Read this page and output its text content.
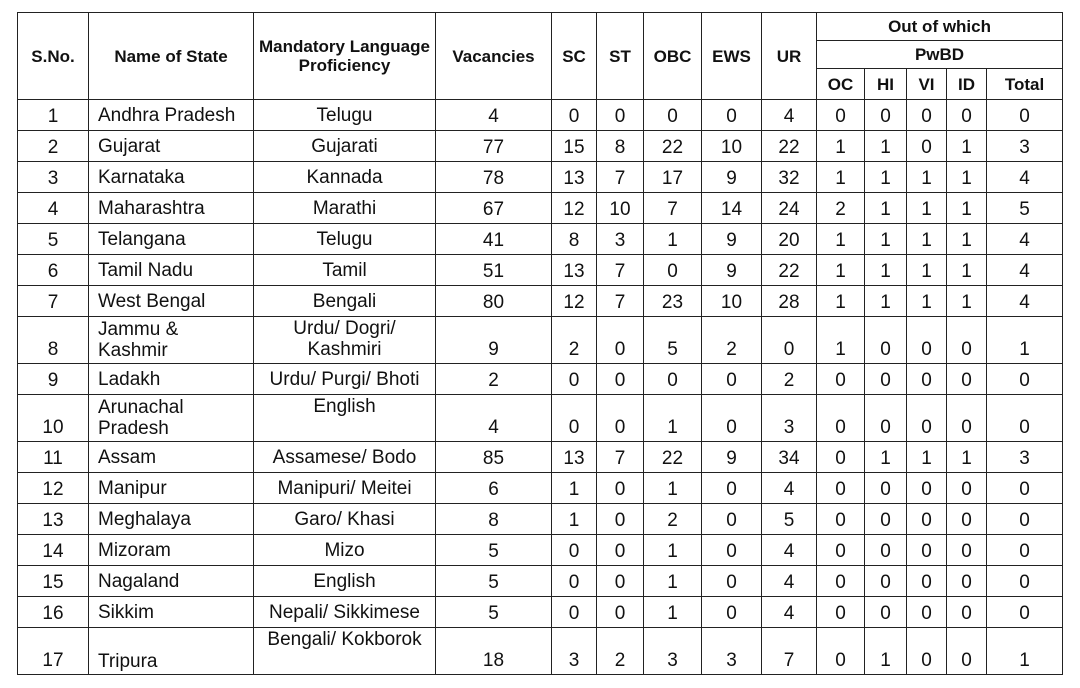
S.No.	Name of State	Mandatory Language Proficiency	Vacancies	SC	ST	OBC	EWS	UR	Out of which				
									PwBD				
									OC	HI	VI	ID	Total
1	Andhra Pradesh	Telugu	4	0	0	0	0	4	0	0	0	0	0
2	Gujarat	Gujarati	77	15	8	22	10	22	1	1	0	1	3
3	Karnataka	Kannada	78	13	7	17	9	32	1	1	1	1	4
4	Maharashtra	Marathi	67	12	10	7	14	24	2	1	1	1	5
5	Telangana	Telugu	41	8	3	1	9	20	1	1	1	1	4
6	Tamil Nadu	Tamil	51	13	7	0	9	22	1	1	1	1	4
7	West Bengal	Bengali	80	12	7	23	10	28	1	1	1	1	4
8	Jammu & Kashmir	Urdu/ Dogri/ Kashmiri	9	2	0	5	2	0	1	0	0	0	1
9	Ladakh	Urdu/ Purgi/ Bhoti	2	0	0	0	0	2	0	0	0	0	0
10	Arunachal Pradesh	English	4	0	0	1	0	3	0	0	0	0	0
11	Assam	Assamese/ Bodo	85	13	7	22	9	34	0	1	1	1	3
12	Manipur	Manipuri/ Meitei	6	1	0	1	0	4	0	0	0	0	0
13	Meghalaya	Garo/ Khasi	8	1	0	2	0	5	0	0	0	0	0
14	Mizoram	Mizo	5	0	0	1	0	4	0	0	0	0	0
15	Nagaland	English	5	0	0	1	0	4	0	0	0	0	0
16	Sikkim	Nepali/ Sikkimese	5	0	0	1	0	4	0	0	0	0	0
17	Tripura	Bengali/ Kokborok	18	3	2	3	3	7	0	1	0	0	1
